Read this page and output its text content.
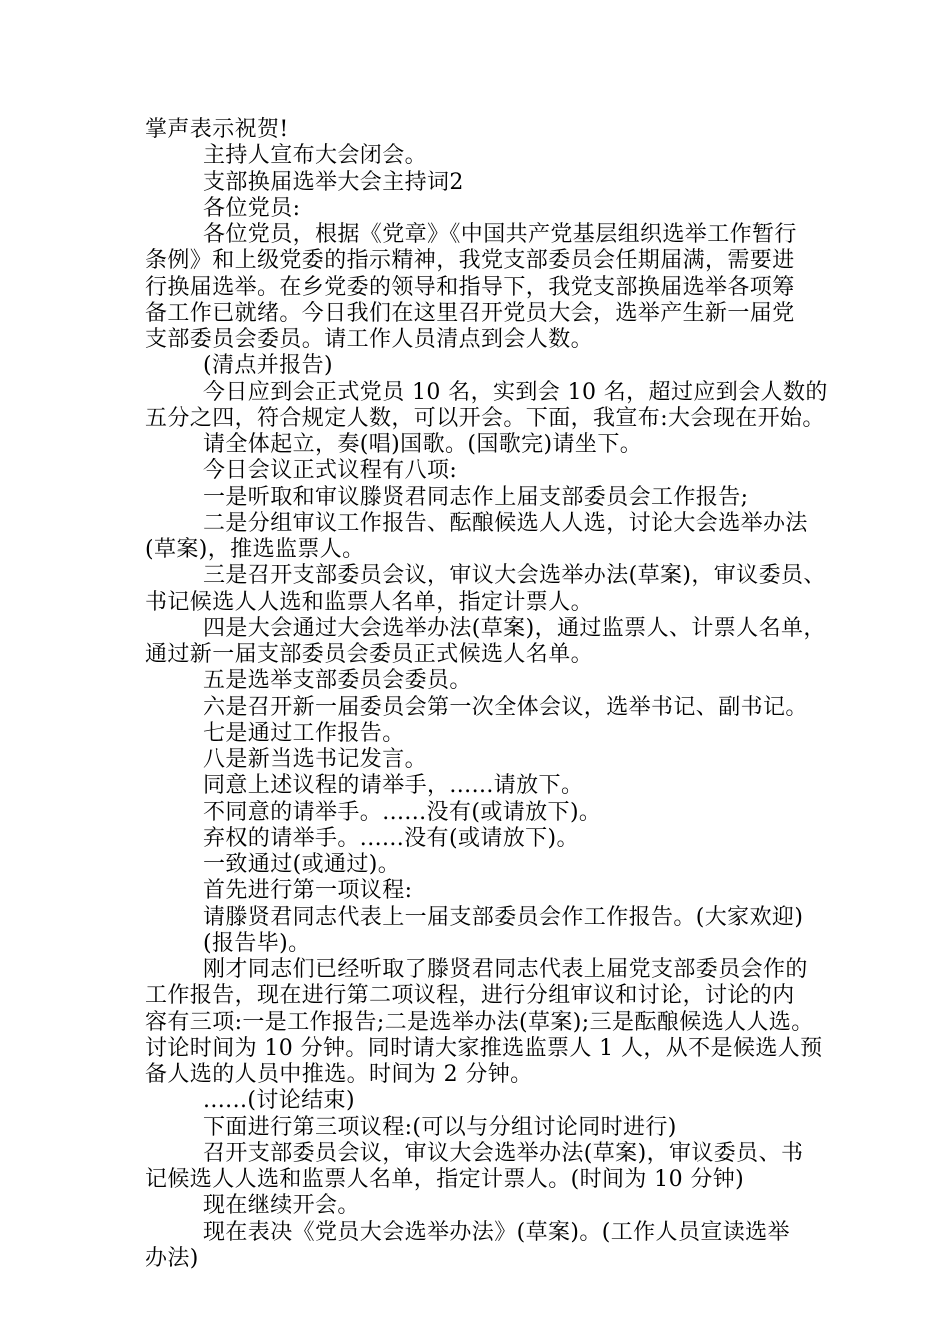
掌声表示祝贺!
主持人宣布大会闭会。
支部换届选举大会主持词2
各位党员:
各位党员，根据《党章》《中国共产党基层组织选举工作暂行
条例》和上级党委的指示精神，我党支部委员会任期届满，需要进
行换届选举。在乡党委的领导和指导下，我党支部换届选举各项筹
备工作已就绪。今日我们在这里召开党员大会，选举产生新一届党
支部委员会委员。请工作人员清点到会人数。
(清点并报告)
今日应到会正式党员 10 名，实到会 10 名，超过应到会人数的
五分之四，符合规定人数，可以开会。下面，我宣布:大会现在开始。
请全体起立，奏(唱)国歌。(国歌完)请坐下。
今日会议正式议程有八项:
一是听取和审议滕贤君同志作上届支部委员会工作报告;
二是分组审议工作报告、酝酿候选人人选，讨论大会选举办法
(草案)，推选监票人。
三是召开支部委员会议，审议大会选举办法(草案)，审议委员、
书记候选人人选和监票人名单，指定计票人。
四是大会通过大会选举办法(草案)，通过监票人、计票人名单，
通过新一届支部委员会委员正式候选人名单。
五是选举支部委员会委员。
六是召开新一届委员会第一次全体会议，选举书记、副书记。
七是通过工作报告。
八是新当选书记发言。
同意上述议程的请举手，......请放下。
不同意的请举手。......没有(或请放下)。
弃权的请举手。......没有(或请放下)。
一致通过(或通过)。
首先进行第一项议程:
请滕贤君同志代表上一届支部委员会作工作报告。(大家欢迎)
(报告毕)。
刚才同志们已经听取了滕贤君同志代表上届党支部委员会作的
工作报告，现在进行第二项议程，进行分组审议和讨论，讨论的内
容有三项:一是工作报告;二是选举办法(草案);三是酝酿候选人人选。
讨论时间为 10 分钟。同时请大家推选监票人 1 人，从不是候选人预
备人选的人员中推选。时间为 2 分钟。
......(讨论结束)
下面进行第三项议程:(可以与分组讨论同时进行)
召开支部委员会议，审议大会选举办法(草案)，审议委员、书
记候选人人选和监票人名单，指定计票人。(时间为 10 分钟)
现在继续开会。
现在表决《党员大会选举办法》(草案)。(工作人员宣读选举
办法)
